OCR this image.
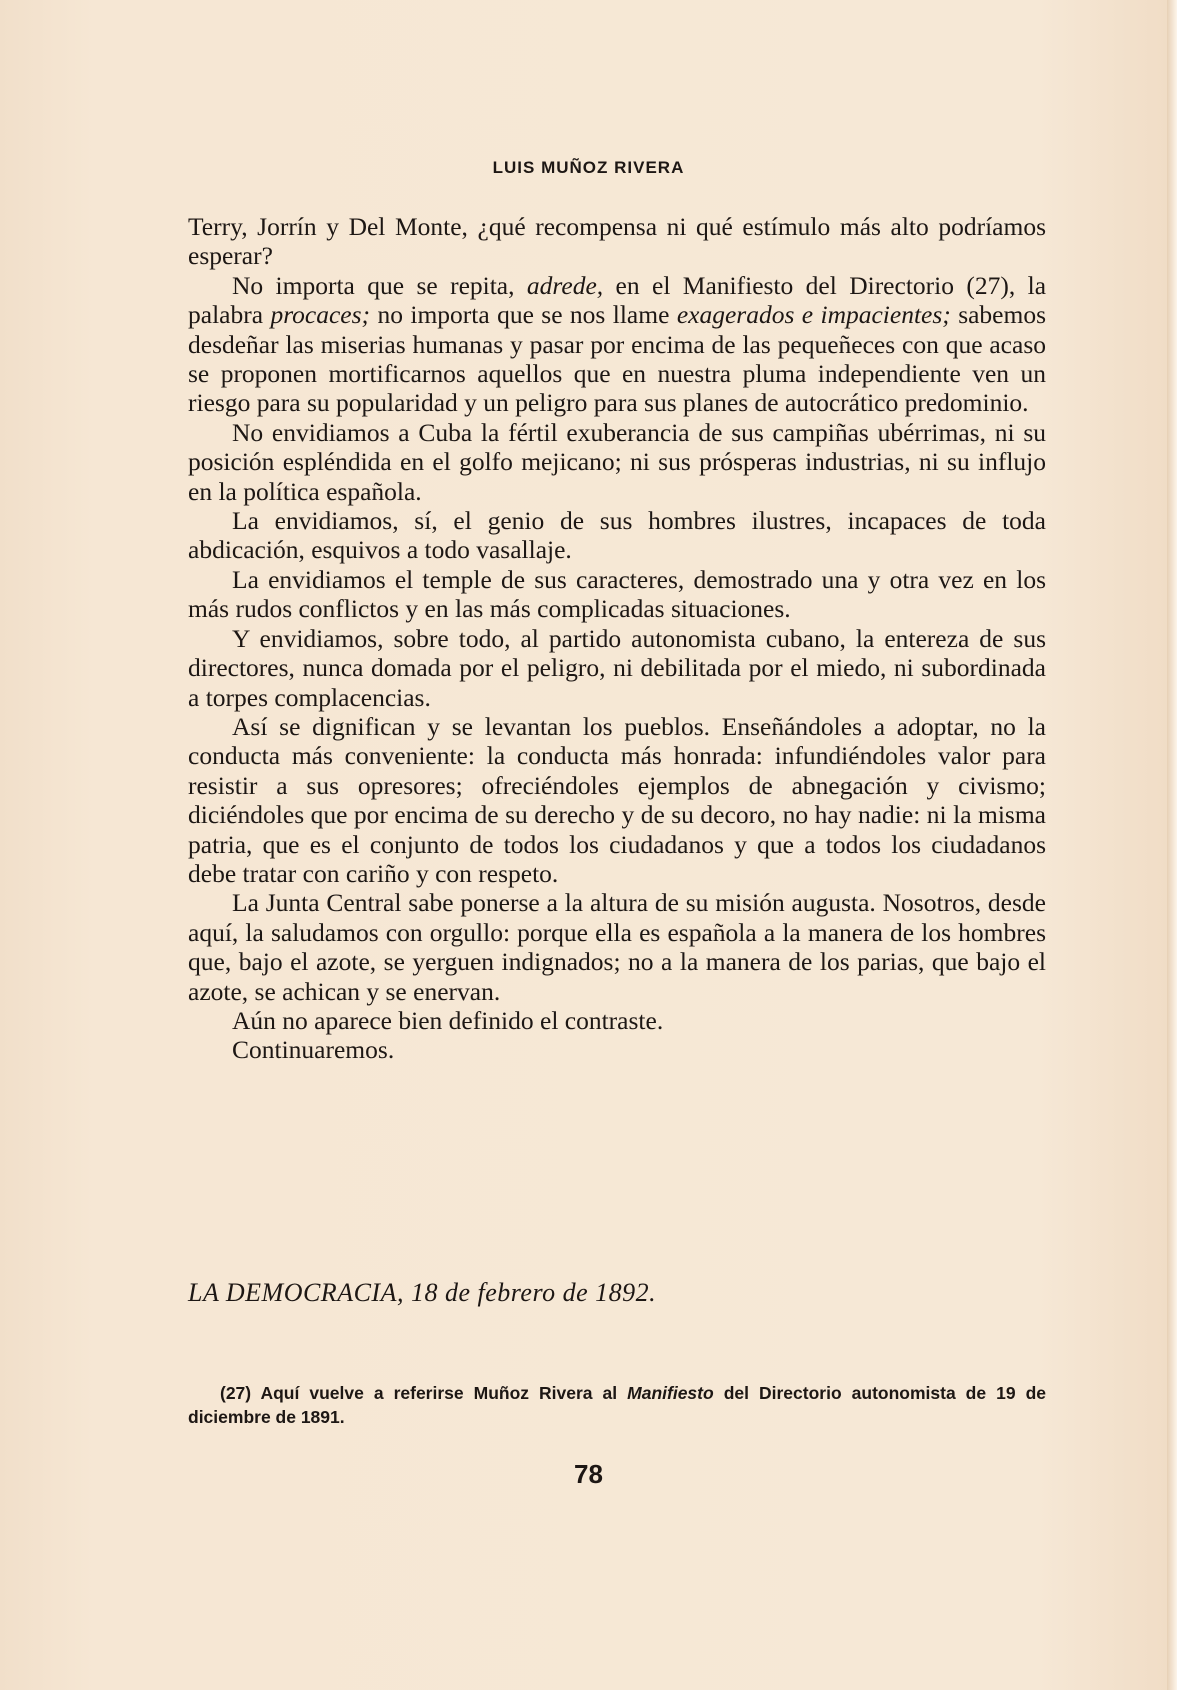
LUIS MUÑOZ RIVERA

Terry, Jorrín y Del Monte, ¿qué recompensa ni qué estímulo más alto podríamos esperar?

No importa que se repita, adrede, en el Manifiesto del Directorio (27), la palabra procaces; no importa que se nos llame exagerados e impacientes; sabemos desdeñar las miserias humanas y pasar por encima de las pequeñeces con que acaso se proponen mortificarnos aquellos que en nuestra pluma independiente ven un riesgo para su popularidad y un peligro para sus planes de autocrático predominio.

No envidiamos a Cuba la fértil exuberancia de sus campiñas ubérrimas, ni su posición espléndida en el golfo mejicano; ni sus prósperas industrias, ni su influjo en la política española.

La envidiamos, sí, el genio de sus hombres ilustres, incapaces de toda abdicación, esquivos a todo vasallaje.

La envidiamos el temple de sus caracteres, demostrado una y otra vez en los más rudos conflictos y en las más complicadas situaciones.

Y envidiamos, sobre todo, al partido autonomista cubano, la entereza de sus directores, nunca domada por el peligro, ni debilitada por el miedo, ni subordinada a torpes complacencias.

Así se dignifican y se levantan los pueblos. Enseñándoles a adoptar, no la conducta más conveniente: la conducta más honrada: infundiéndoles valor para resistir a sus opresores; ofreciéndoles ejemplos de abnegación y civismo; diciéndoles que por encima de su derecho y de su decoro, no hay nadie: ni la misma patria, que es el conjunto de todos los ciudadanos y que a todos los ciudadanos debe tratar con cariño y con respeto.

La Junta Central sabe ponerse a la altura de su misión augusta. Nosotros, desde aquí, la saludamos con orgullo: porque ella es española a la manera de los hombres que, bajo el azote, se yerguen indignados; no a la manera de los parias, que bajo el azote, se achican y se enervan.

Aún no aparece bien definido el contraste.

Continuaremos.

LA DEMOCRACIA, 18 de febrero de 1892.

(27) Aquí vuelve a referirse Muñoz Rivera al Manifiesto del Directorio autonomista de 19 de diciembre de 1891.

78
